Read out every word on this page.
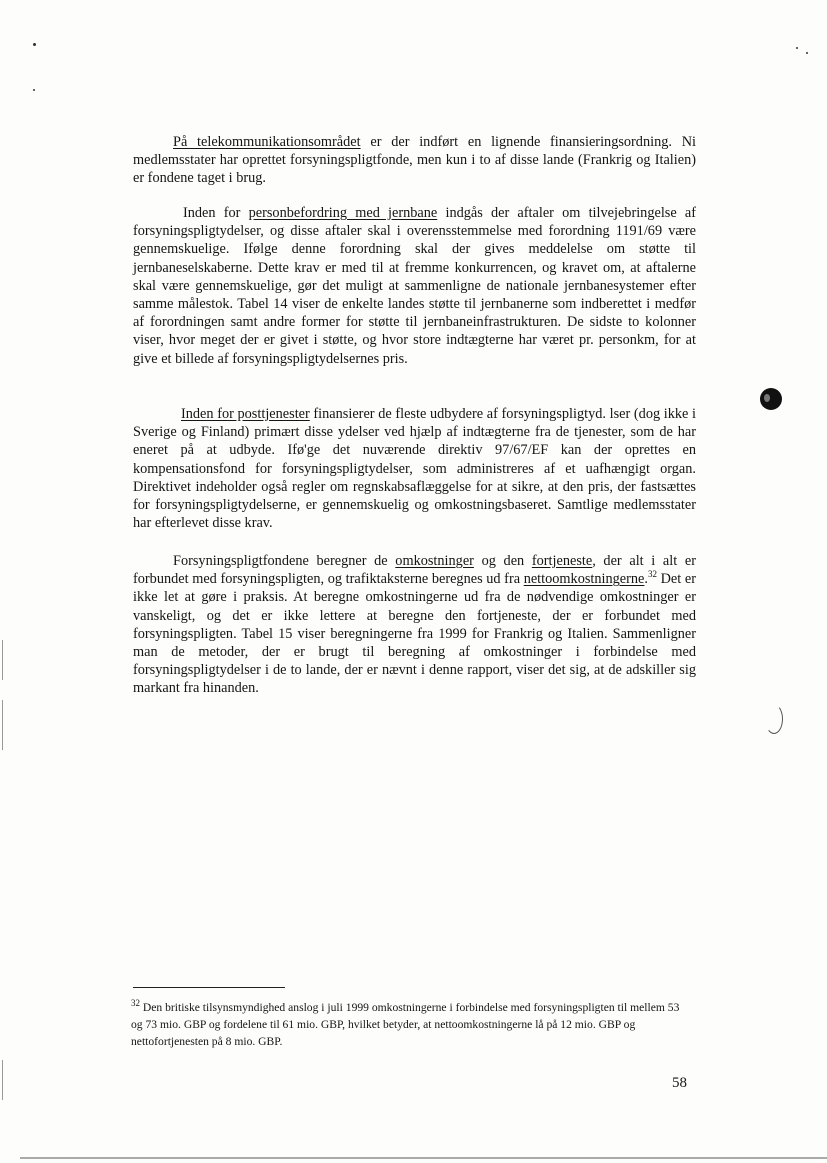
På telekommunikationsområdet er der indført en lignende finansieringsordning. Ni medlemsstater har oprettet forsyningspligtfonde, men kun i to af disse lande (Frankrig og Italien) er fondene taget i brug.

Inden for personbefordring med jernbane indgås der aftaler om tilvejebringelse af forsyningspligtydelser, og disse aftaler skal i overensstemmelse med forordning 1191/69 være gennemskuelige. Ifølge denne forordning skal der gives meddelelse om støtte til jernbaneselskaberne. Dette krav er med til at fremme konkurrencen, og kravet om, at aftalerne skal være gennemskuelige, gør det muligt at sammenligne de nationale jernbanesystemer efter samme målestok. Tabel 14 viser de enkelte landes støtte til jernbanerne som indberettet i medfør af forordningen samt andre former for støtte til jernbaneinfrastrukturen. De sidste to kolonner viser, hvor meget der er givet i støtte, og hvor store indtægterne har været pr. personkm, for at give et billede af forsyningspligtydelsernes pris.

Inden for posttjenester finansierer de fleste udbydere af forsyningspligtyd. lser (dog ikke i Sverige og Finland) primært disse ydelser ved hjælp af indtægterne fra de tjenester, som de har eneret på at udbyde. Ifø'ge det nuværende direktiv 97/67/EF kan der oprettes en kompensationsfond for forsyningspligtydelser, som administreres af et uafhængigt organ. Direktivet indeholder også regler om regnskabsaflæggelse for at sikre, at den pris, der fastsættes for forsyningspligtydelserne, er gennemskuelig og omkostningsbaseret. Samtlige medlemsstater har efterlevet disse krav.

Forsyningspligtfondene beregner de omkostninger og den fortjeneste, der alt i alt er forbundet med forsyningspligten, og trafiktaksterne beregnes ud fra nettoomkostningerne.$^{32}$ Det er ikke let at gøre i praksis. At beregne omkostningerne ud fra de nødvendige omkostninger er vanskeligt, og det er ikke lettere at beregne den fortjeneste, der er forbundet med forsyningspligten. Tabel 15 viser beregningerne fra 1999 for Frankrig og Italien. Sammenligner man de metoder, der er brugt til beregning af omkostninger i forbindelse med forsyningspligtydelser i de to lande, der er nævnt i denne rapport, viser det sig, at de adskiller sig markant fra hinanden.

$^{32}$ Den britiske tilsynsmyndighed anslog i juli 1999 omkostningerne i forbindelse med forsyningspligten til mellem 53 og 73 mio. GBP og fordelene til 61 mio. GBP, hvilket betyder, at nettoomkostningerne lå på 12 mio. GBP og nettofortjenesten på 8 mio. GBP.

58
